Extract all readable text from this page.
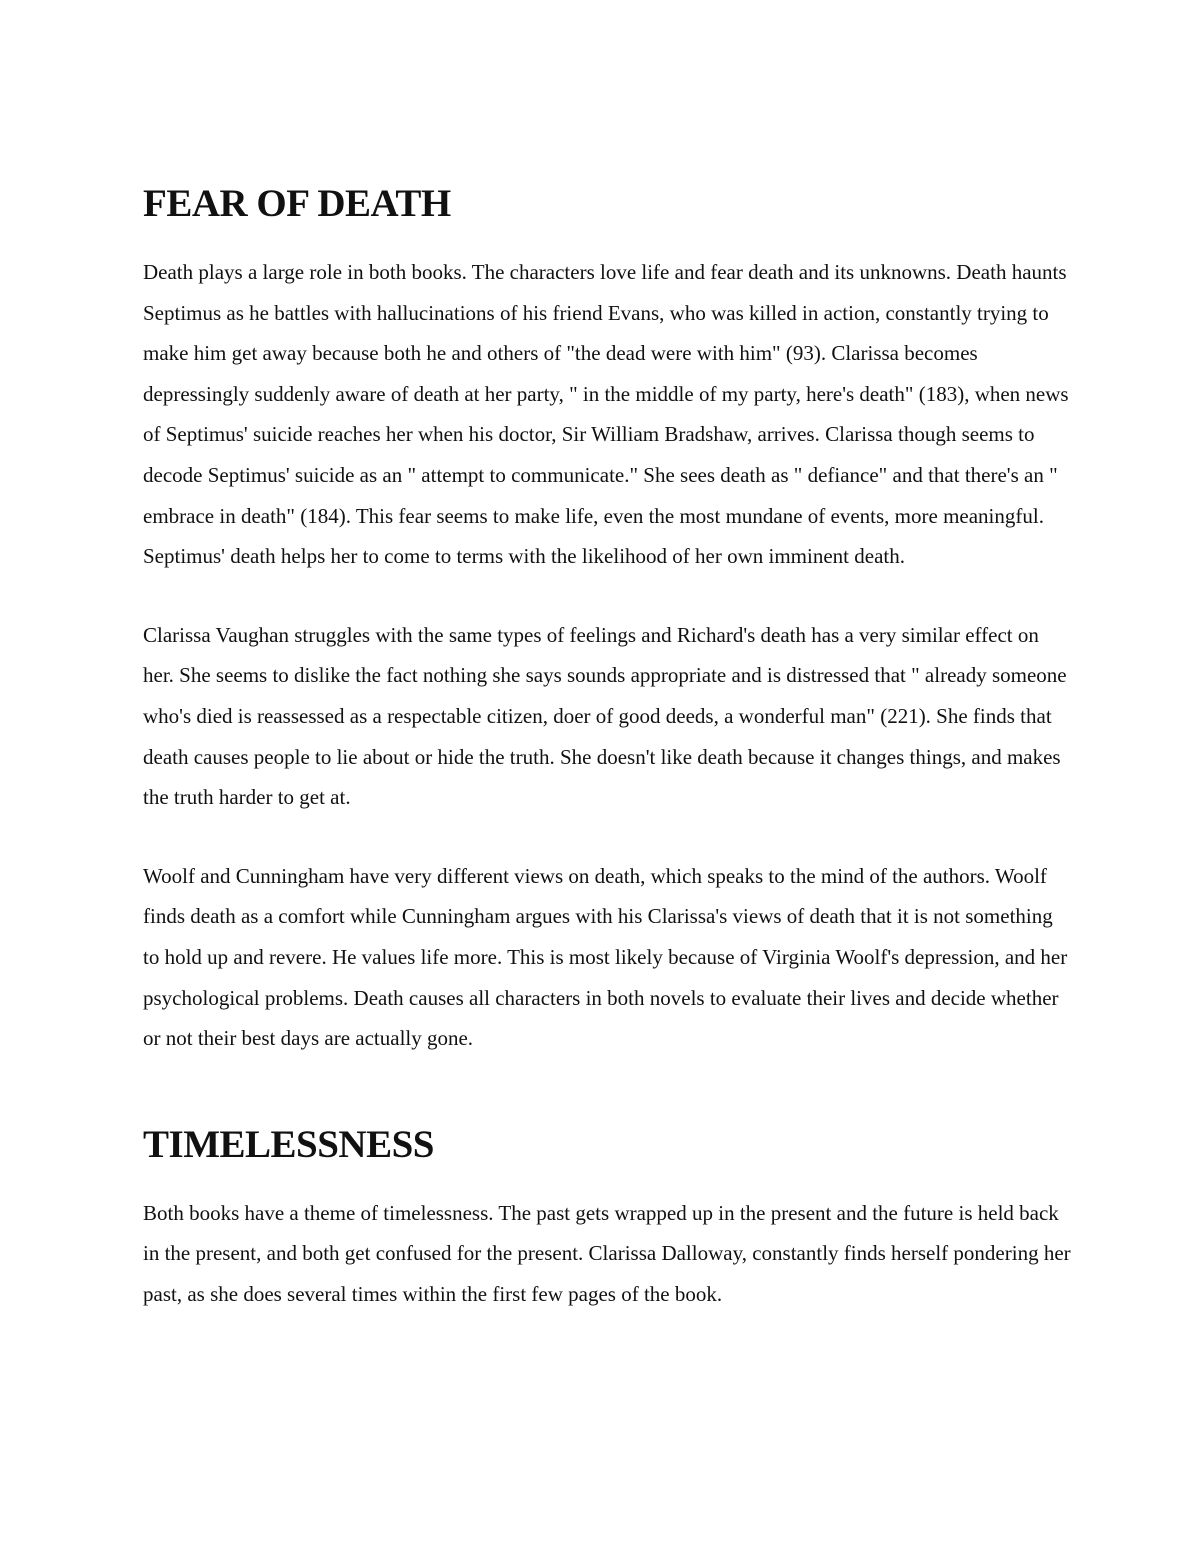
FEAR OF DEATH

Death plays a large role in both books. The characters love life and fear death and its unknowns. Death haunts Septimus as he battles with hallucinations of his friend Evans, who was killed in action, constantly trying to make him get away because both he and others of "the dead were with him" (93). Clarissa becomes depressingly suddenly aware of death at her party, " in the middle of my party, here's death" (183), when news of Septimus' suicide reaches her when his doctor, Sir William Bradshaw, arrives. Clarissa though seems to decode Septimus' suicide as an " attempt to communicate." She sees death as " defiance" and that there's an " embrace in death" (184). This fear seems to make life, even the most mundane of events, more meaningful. Septimus' death helps her to come to terms with the likelihood of her own imminent death.

Clarissa Vaughan struggles with the same types of feelings and Richard's death has a very similar effect on her. She seems to dislike the fact nothing she says sounds appropriate and is distressed that " already someone who's died is reassessed as a respectable citizen, doer of good deeds, a wonderful man" (221). She finds that death causes people to lie about or hide the truth. She doesn't like death because it changes things, and makes the truth harder to get at.

Woolf and Cunningham have very different views on death, which speaks to the mind of the authors. Woolf finds death as a comfort while Cunningham argues with his Clarissa's views of death that it is not something to hold up and revere. He values life more. This is most likely because of Virginia Woolf's depression, and her psychological problems. Death causes all characters in both novels to evaluate their lives and decide whether or not their best days are actually gone.

TIMELESSNESS

Both books have a theme of timelessness. The past gets wrapped up in the present and the future is held back in the present, and both get confused for the present. Clarissa Dalloway, constantly finds herself pondering her past, as she does several times within the first few pages of the book.
